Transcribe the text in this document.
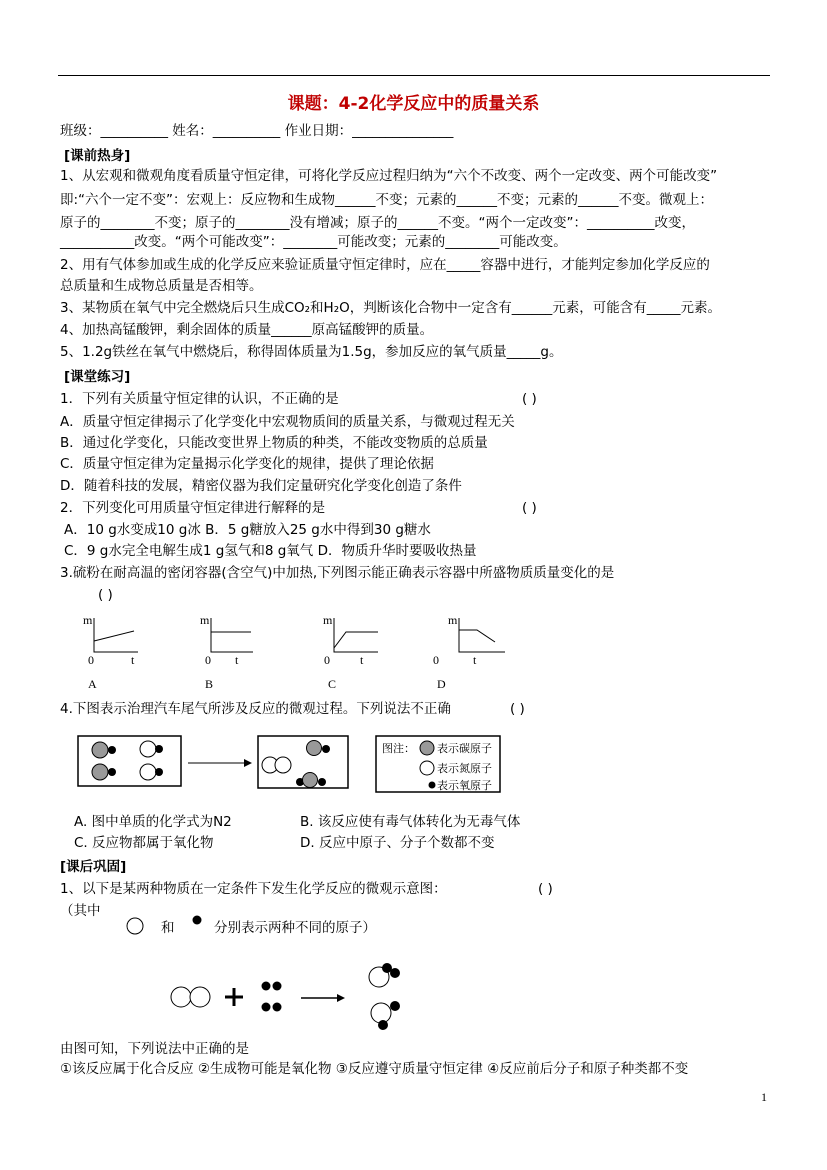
课题：4-2化学反应中的质量关系
班级：__________ 姓名：__________ 作业日期：_______________
[课前热身]
1、从宏观和微观角度看质量守恒定律，可将化学反应过程归纳为“六个不改变、两个一定改变、两个可能改变”
即:“六个一定不变”：宏观上：反应物和生成物______不变；元素的______不变；元素的______不变。微观上：
原子的________不变；原子的________没有增减；原子的______不变。“两个一定改变”：__________改变，
___________改变。“两个可能改变”：________可能改变；元素的________可能改变。
2、用有气体参加或生成的化学反应来验证质量守恒定律时，应在_____容器中进行，才能判定参加化学反应的
总质量和生成物总质量是否相等。
3、某物质在氧气中完全燃烧后只生成CO₂和H₂O，判断该化合物中一定含有______元素，可能含有_____元素。
4、加热高锰酸钾，剩余固体的质量______原高锰酸钾的质量。
5、1.2g铁丝在氧气中燃烧后，称得固体质量为1.5g，参加反应的氧气质量_____g。
[课堂练习]
1．下列有关质量守恒定律的认识，不正确的是	( )
A．质量守恒定律揭示了化学变化中宏观物质间的质量关系，与微观过程无关
B．通过化学变化，只能改变世界上物质的种类，不能改变物质的总质量
C．质量守恒定律为定量揭示化学变化的规律，提供了理论依据
D．随着科技的发展，精密仪器为我们定量研究化学变化创造了条件
2．下列变化可用质量守恒定律进行解释的是	( )
A．10 g水变成10 g冰 B．5 g糖放入25 g水中得到30 g糖水
C．9 g水完全电解生成1 g氢气和8 g氧气 D．物质升华时要吸收热量
3.硫粉在耐高温的密闭容器(含空气)中加热,下列图示能正确表示容器中所盛物质质量变化的是
( )
m
0	t
A
m
0 t
B
m
0	t
C
m
0	t
D
4.下图表示治理汽车尾气所涉及反应的微观过程。下列说法不正确	( )
图注： 表示碳原子
表示氮原子
表示氧原子
A. 图中单质的化学式为N2	B. 该反应使有毒气体转化为无毒气体
C. 反应物都属于氧化物	D. 反应中原子、分子个数都不变
[课后巩固]
1、以下是某两种物质在一定条件下发生化学反应的微观示意图：	( )
（其中
和	分别表示两种不同的原子）
由图可知，下列说法中正确的是
①该反应属于化合反应 ②生成物可能是氧化物 ③反应遵守质量守恒定律 ④反应前后分子和原子种类都不变
1
